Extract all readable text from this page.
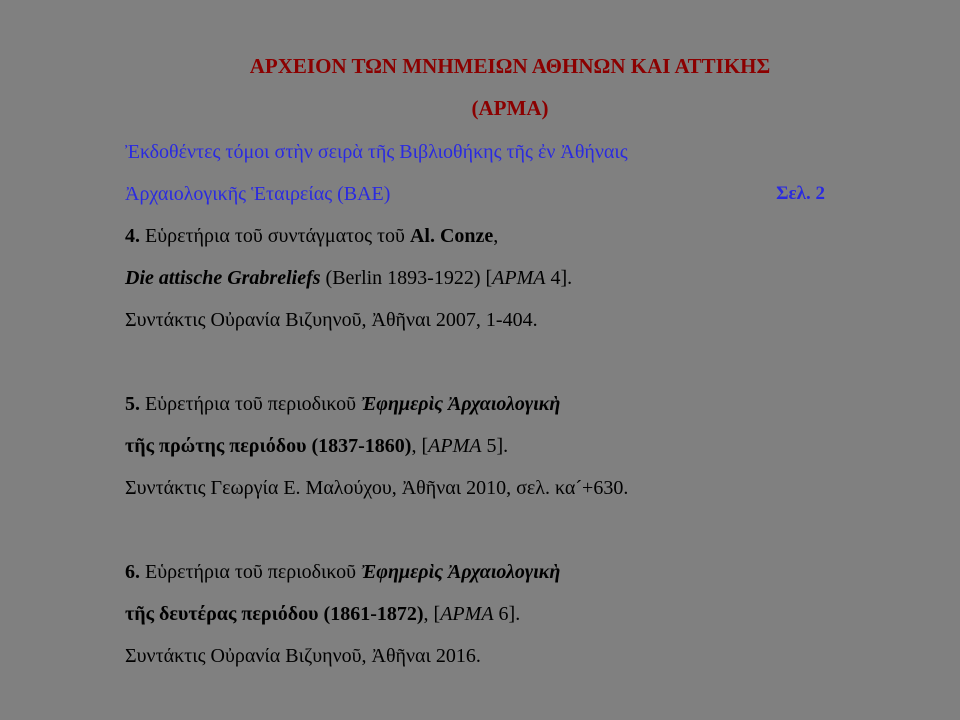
ΑΡΧΕΙΟΝ ΤΩΝ ΜΝΗΜΕΙΩΝ ΑΘΗΝΩΝ ΚΑΙ ΑΤΤΙΚΗΣ
(ΑΡΜΑ)
Ἐκδοθέντες τόμοι στὴν σειρὰ τῆς Βιβλιοθήκης τῆς ἐν Ἀθήναις
Ἀρχαιολογικῆς Ἑταιρείας (ΒΑΕ)	Σελ. 2
4. Εὑρετήρια τοῦ συντάγματος τοῦ Al. Conze,
Die attische Grabreliefs (Berlin 1893-1922) [ΑΡΜΑ 4].
Συντάκτις Οὐρανία Βιζυηνοῦ, Ἀθῆναι 2007, 1-404.
5. Εὑρετήρια τοῦ περιοδικοῦ Ἐφημερὶς Ἀρχαιολογικὴ
τῆς πρώτης περιόδου (1837-1860), [ΑΡΜΑ 5].
Συντάκτις Γεωργία Ε. Μαλούχου, Ἀθῆναι 2010, σελ. κα´+630.
6. Εὑρετήρια τοῦ περιοδικοῦ Ἐφημερὶς Ἀρχαιολογικὴ
τῆς δευτέρας περιόδου (1861-1872), [ΑΡΜΑ 6].
Συντάκτις Οὐρανία Βιζυηνοῦ, Ἀθῆναι 2016.
